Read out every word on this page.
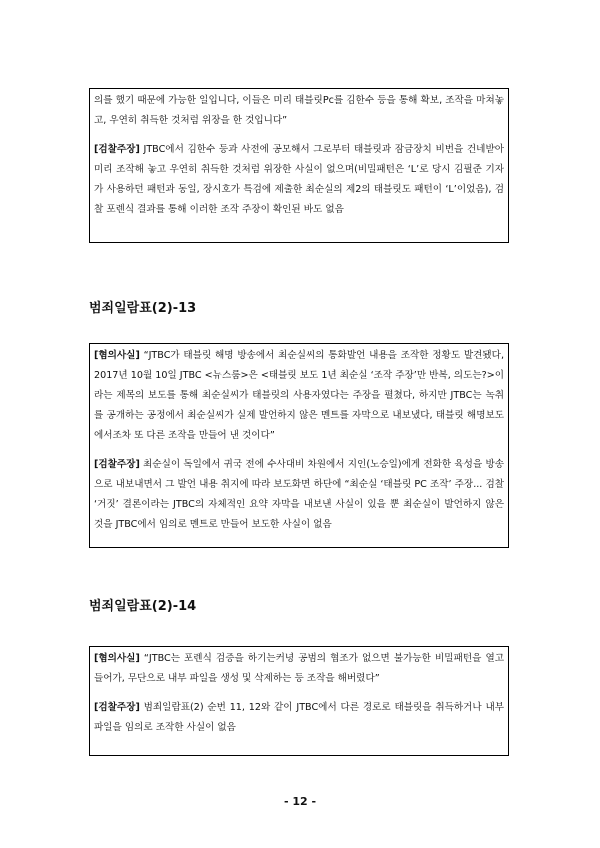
의를 했기 때문에 가능한 일입니다, 이들은 미리 태블릿Pc를 김한수 등을 통해 확보, 조작을 마쳐놓고, 우연히 취득한 것처럼 위장을 한 것입니다”

[검찰주장] JTBC에서 김한수 등과 사전에 공모해서 그로부터 태블릿과 잠금장치 비번을 건네받아 미리 조작해 놓고 우연히 취득한 것처럼 위장한 사실이 없으며(비밀패턴은 ‘L’로 당시 김필준 기자가 사용하던 패턴과 동일, 장시호가 특검에 제출한 최순실의 제2의 태블릿도 패턴이 ‘L’이었음), 검찰 포렌식 결과를 통해 이러한 조작 주장이 확인된 바도 없음

범죄일람표(2)-13

[혐의사실] “JTBC가 태블릿 해명 방송에서 최순실씨의 통화발언 내용을 조작한 정황도 발견됐다, 2017년 10월 10일 JTBC <뉴스룸>은 <태블릿 보도 1년 최순실 ‘조작 주장’만 반복, 의도는?>이라는 제목의 보도를 통해 최순실씨가 태블릿의 사용자였다는 주장을 펼쳤다, 하지만 JTBC는 녹취를 공개하는 공정에서 최순실씨가 실제 발언하지 않은 멘트를 자막으로 내보냈다, 태블릿 해명보도에서조차 또 다른 조작을 만들어 낸 것이다”

[검찰주장] 최순실이 독일에서 귀국 전에 수사대비 차원에서 지인(노승일)에게 전화한 육성을 방송으로 내보내면서 그 발언 내용 취지에 따라 보도화면 하단에 “최순실 ‘태블릿 PC 조작’ 주장... 검찰 ‘거짓’ 결론이라는 JTBC의 자체적인 요약 자막을 내보낸 사실이 있을 뿐 최순실이 발언하지 않은 것을 JTBC에서 임의로 멘트로 만들어 보도한 사실이 없음

범죄일람표(2)-14

[혐의사실] “JTBC는 포렌식 검증을 하기는커녕 공범의 협조가 없으면 불가능한 비밀패턴을 열고 들어가, 무단으로 내부 파일을 생성 및 삭제하는 등 조작을 해버렸다”

[검찰주장] 범죄일람표(2) 순번 11, 12와 같이 JTBC에서 다른 경로로 태블릿을 취득하거나 내부 파일을 임의로 조작한 사실이 없음

- 12 -
